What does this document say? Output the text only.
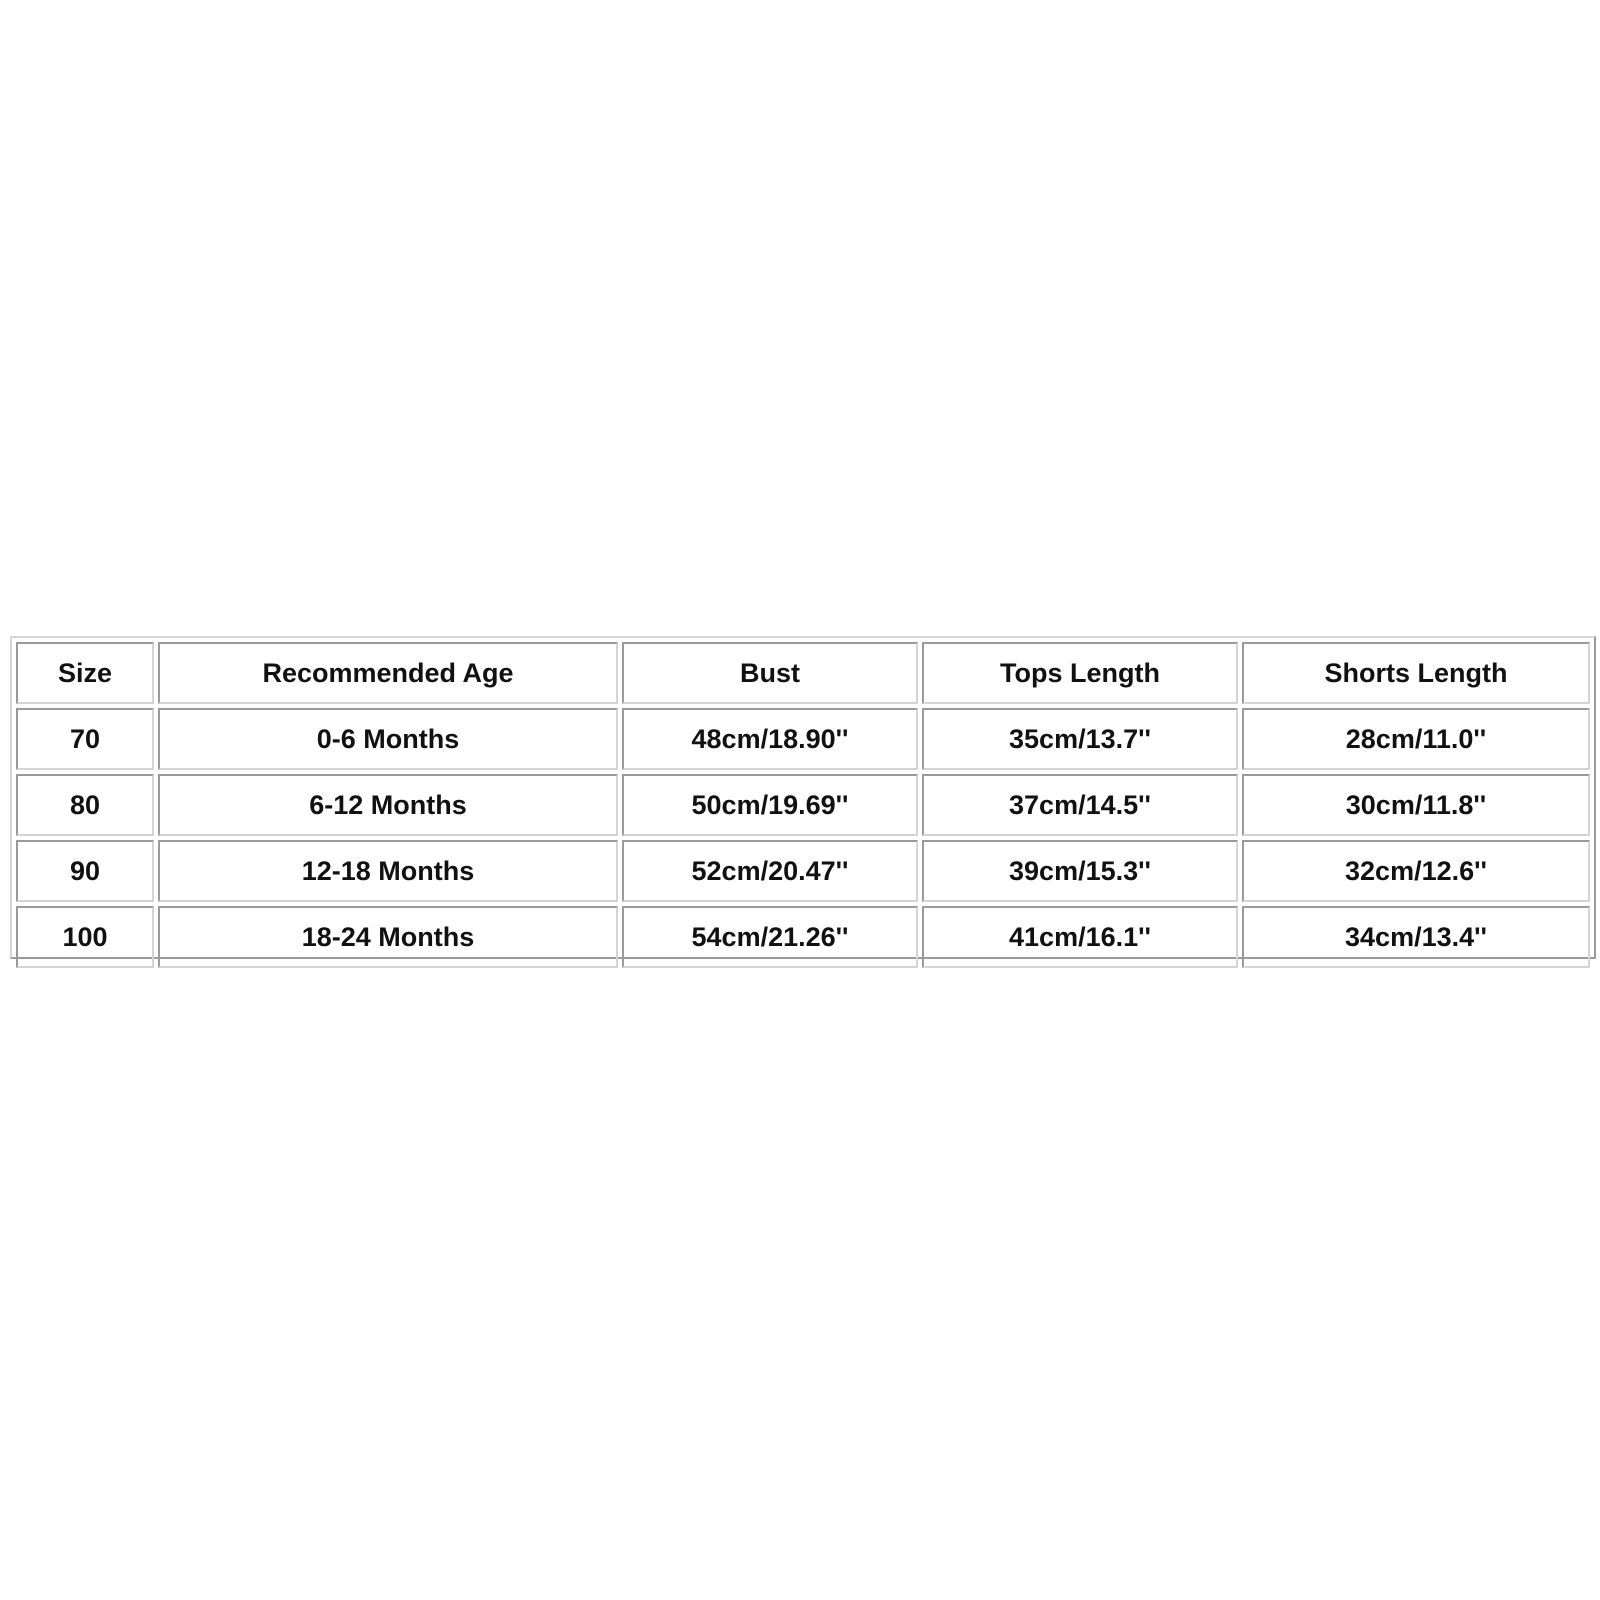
Size	Recommended Age	Bust	Tops Length	Shorts Length
70	0-6 Months	48cm/18.90''	35cm/13.7''	28cm/11.0''
80	6-12 Months	50cm/19.69''	37cm/14.5''	30cm/11.8''
90	12-18 Months	52cm/20.47''	39cm/15.3''	32cm/12.6''
100	18-24 Months	54cm/21.26''	41cm/16.1''	34cm/13.4''
